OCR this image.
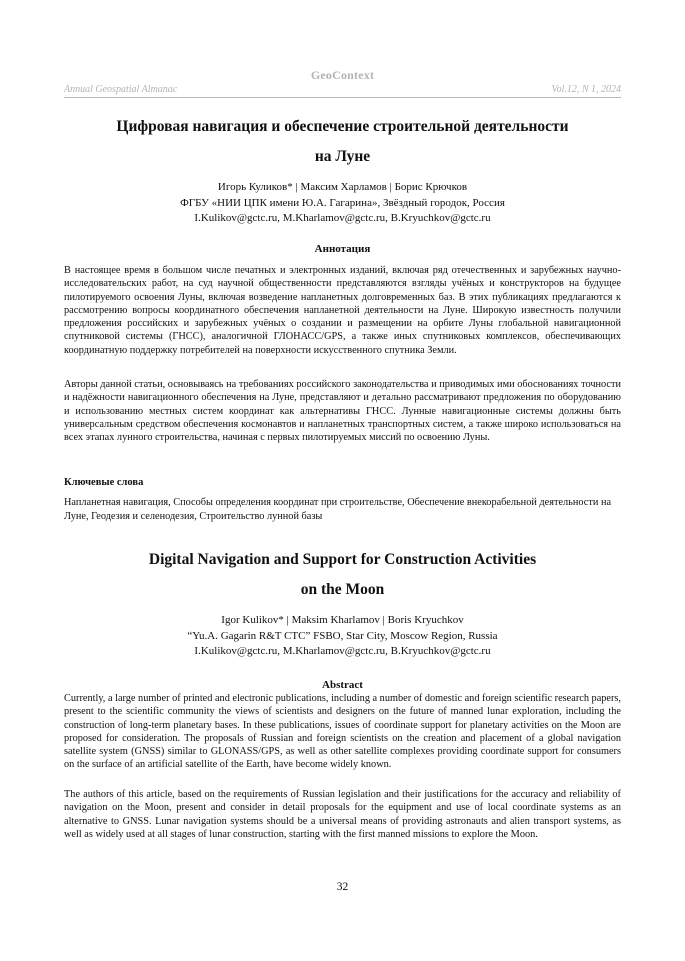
GeoContext
Annual Geospatial Almanac	Vol.12, N 1, 2024
Цифровая навигация и обеспечение строительной деятельности
на Луне
Игорь Куликов* | Максим Харламов | Борис Крючков
ФГБУ «НИИ ЦПК имени Ю.А. Гагарина», Звёздный городок, Россия
I.Kulikov@gctc.ru, M.Kharlamov@gctc.ru, B.Kryuchkov@gctc.ru
Аннотация

В настоящее время в большом числе печатных и электронных изданий, включая ряд отечественных и зарубежных научно-исследовательских работ, на суд научной общественности представляются взгляды учёных и конструкторов на будущее пилотируемого освоения Луны, включая возведение напланетных долговременных баз. В этих публикациях предлагаются к рассмотрению вопросы координатного обеспечения напланетной деятельности на Луне. Широкую известность получили предложения российских и зарубежных учёных о создании и размещении на орбите Луны глобальной навигационной спутниковой системы (ГНСС), аналогичной ГЛОНАСС/GPS, а также иных спутниковых комплексов, обеспечивающих координатную поддержку потребителей на поверхности искусственного спутника Земли.

Авторы данной статьи, основываясь на требованиях российского законодательства и приводимых ими обоснованиях точности и надёжности навигационного обеспечения на Луне, представляют и детально рассматривают предложения по оборудованию и использованию местных систем координат как альтернативы ГНСС. Лунные навигационные системы должны быть универсальным средством обеспечения космонавтов и напланетных транспортных систем, а также широко использоваться на всех этапах лунного строительства, начиная с первых пилотируемых миссий по освоению Луны.

Ключевые слова

Напланетная навигация, Способы определения координат при строительстве, Обеспечение внекорабельной деятельности на Луне, Геодезия и селенодезия, Строительство лунной базы

Digital Navigation and Support for Construction Activities
on the Moon
Igor Kulikov* | Maksim Kharlamov | Boris Kryuchkov
“Yu.A. Gagarin R&T CTC” FSBO, Star City, Moscow Region, Russia
I.Kulikov@gctc.ru, M.Kharlamov@gctc.ru, B.Kryuchkov@gctc.ru
Abstract

Currently, a large number of printed and electronic publications, including a number of domestic and foreign scientific research papers, present to the scientific community the views of scientists and designers on the future of manned lunar exploration, including the construction of long-term planetary bases. In these publications, issues of coordinate support for planetary activities on the Moon are proposed for consideration. The proposals of Russian and foreign scientists on the creation and placement of a global navigation satellite system (GNSS) similar to GLONASS/GPS, as well as other satellite complexes providing coordinate support for consumers on the surface of an artificial satellite of the Earth, have become widely known.

The authors of this article, based on the requirements of Russian legislation and their justifications for the accuracy and reliability of navigation on the Moon, present and consider in detail proposals for the equipment and use of local coordinate systems as an alternative to GNSS. Lunar navigation systems should be a universal means of providing astronauts and alien transport systems, as well as widely used at all stages of lunar construction, starting with the first manned missions to explore the Moon.

32
